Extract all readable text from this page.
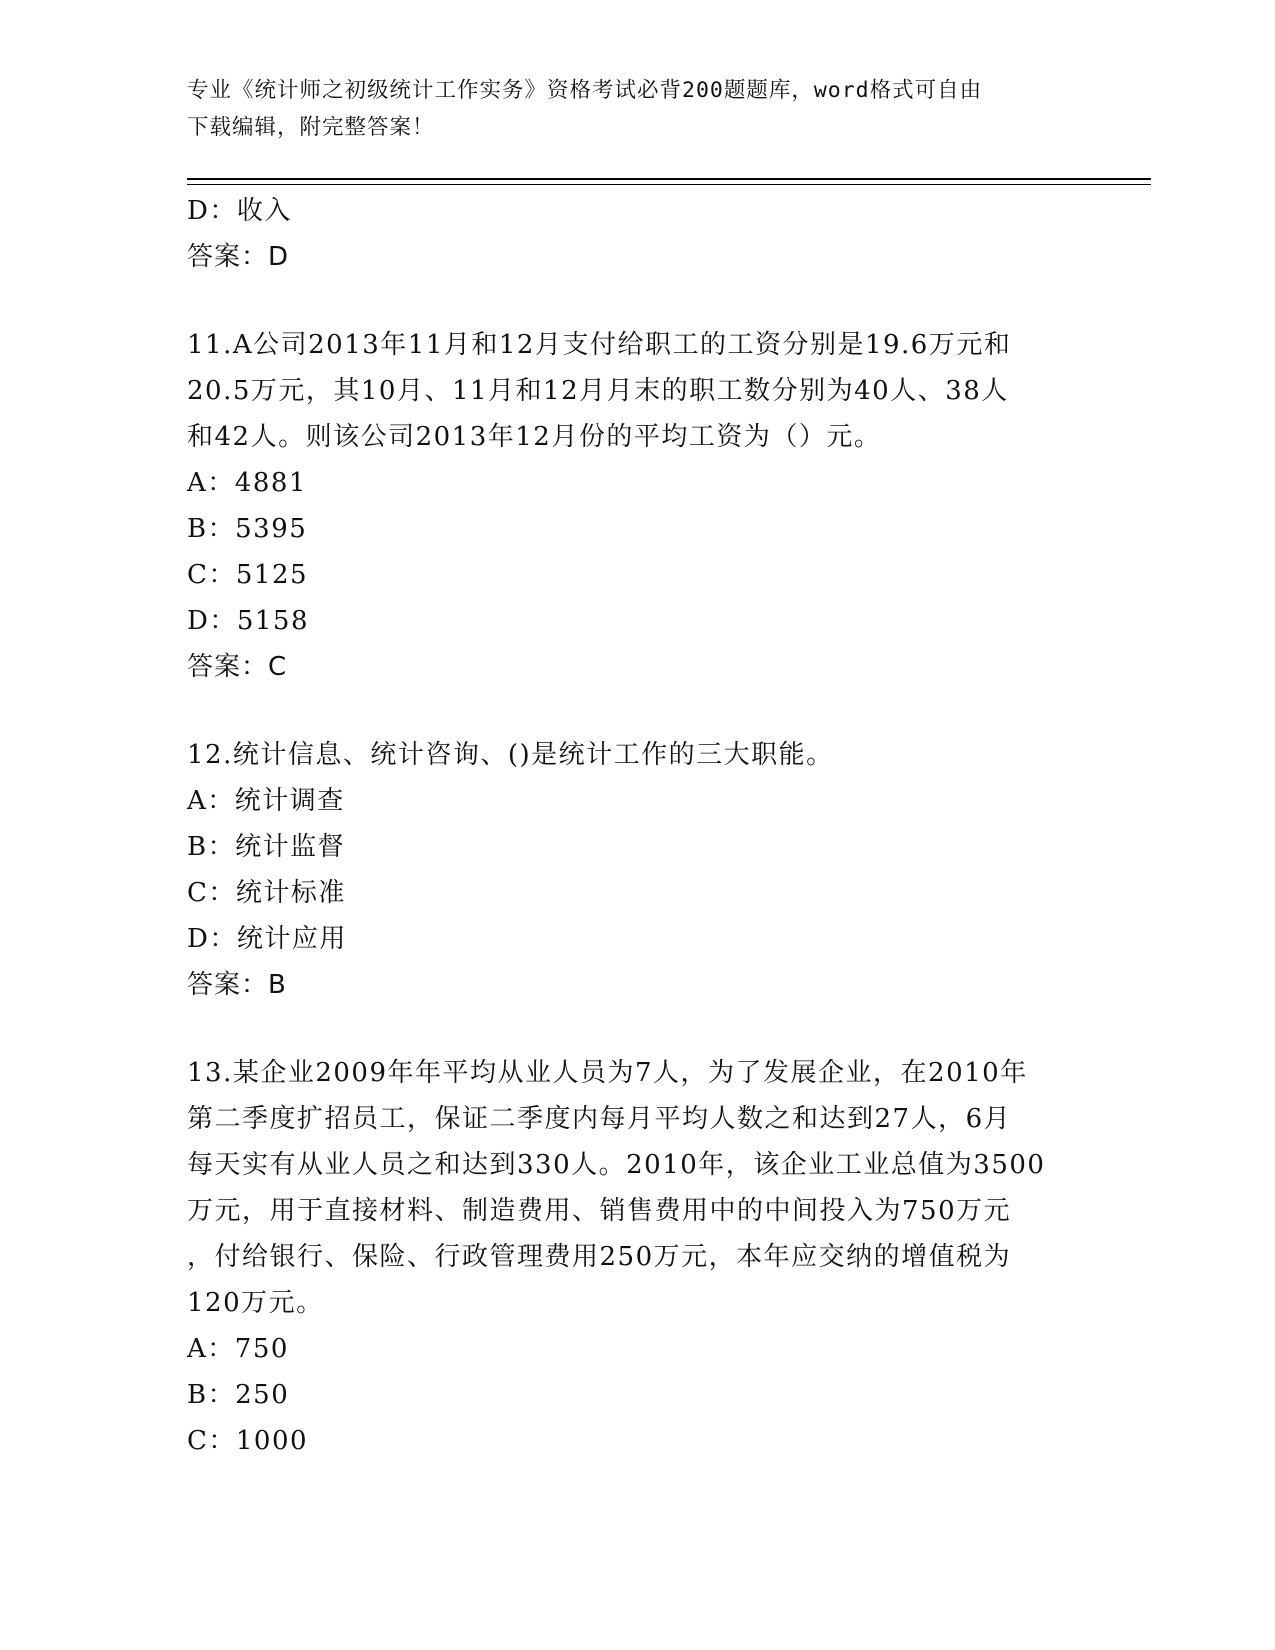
专业《统计师之初级统计工作实务》资格考试必背200题题库，word格式可自由
下载编辑，附完整答案！
D：收入
答案：D
11.A公司2013年11月和12月支付给职工的工资分别是19.6万元和
20.5万元，其10月、11月和12月月末的职工数分别为40人、38人
和42人。则该公司2013年12月份的平均工资为（）元。
A：4881
B：5395
C：5125
D：5158
答案：C
12.统计信息、统计咨询、()是统计工作的三大职能。
A：统计调查
B：统计监督
C：统计标准
D：统计应用
答案：B
13.某企业2009年年平均从业人员为7人，为了发展企业，在2010年
第二季度扩招员工，保证二季度内每月平均人数之和达到27人，6月
每天实有从业人员之和达到330人。2010年，该企业工业总值为3500
万元，用于直接材料、制造费用、销售费用中的中间投入为750万元
，付给银行、保险、行政管理费用250万元，本年应交纳的增值税为
120万元。
A：750
B：250
C：1000
